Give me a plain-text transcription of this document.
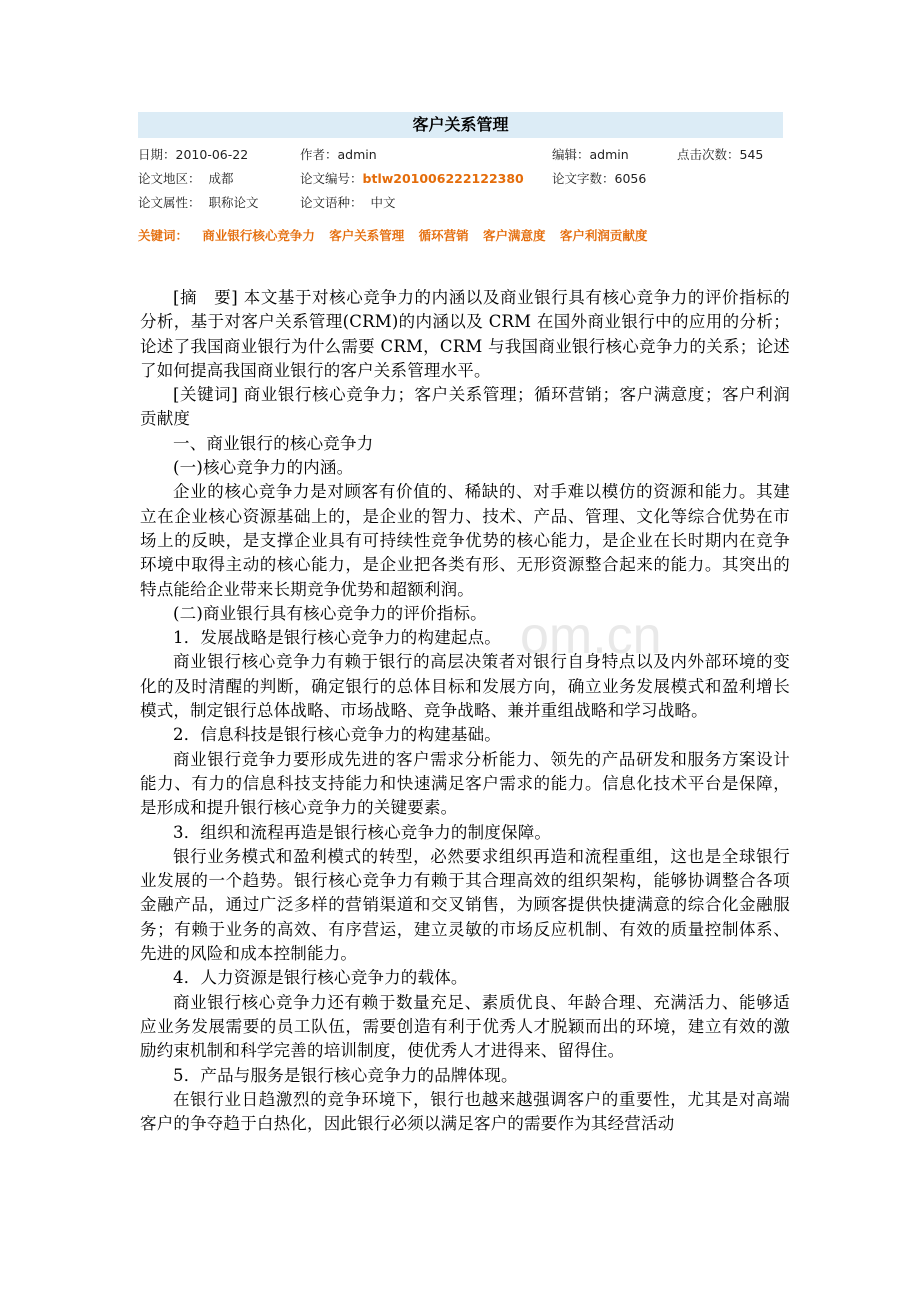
客户关系管理
日期：2010-06-22	作者：admin	编辑：admin	点击次数：545
论文地区： 成都	论文编号：btlw201006222122380 论文字数：6056
论文属性： 职称论文	论文语种： 中文
关键词： 商业银行核心竞争力 客户关系管理 循环营销 客户满意度 客户利润贡献度
om.cn

[摘　要] 本文基于对核心竞争力的内涵以及商业银行具有核心竞争力的评价指标的分析，基于对客户关系管理(CRM)的内涵以及 CRM 在国外商业银行中的应用的分析；论述了我国商业银行为什么需要 CRM，CRM 与我国商业银行核心竞争力的关系；论述了如何提高我国商业银行的客户关系管理水平。

[关键词] 商业银行核心竞争力；客户关系管理；循环营销；客户满意度；客户利润贡献度

一、商业银行的核心竞争力

(一)核心竞争力的内涵。

企业的核心竞争力是对顾客有价值的、稀缺的、对手难以模仿的资源和能力。其建立在企业核心资源基础上的，是企业的智力、技术、产品、管理、文化等综合优势在市场上的反映，是支撑企业具有可持续性竞争优势的核心能力，是企业在长时期内在竞争环境中取得主动的核心能力，是企业把各类有形、无形资源整合起来的能力。其突出的特点能给企业带来长期竞争优势和超额利润。

(二)商业银行具有核心竞争力的评价指标。

1．发展战略是银行核心竞争力的构建起点。

商业银行核心竞争力有赖于银行的高层决策者对银行自身特点以及内外部环境的变化的及时清醒的判断，确定银行的总体目标和发展方向，确立业务发展模式和盈利增长模式，制定银行总体战略、市场战略、竞争战略、兼并重组战略和学习战略。

2．信息科技是银行核心竞争力的构建基础。

商业银行竞争力要形成先进的客户需求分析能力、领先的产品研发和服务方案设计能力、有力的信息科技支持能力和快速满足客户需求的能力。信息化技术平台是保障，是形成和提升银行核心竞争力的关键要素。

3．组织和流程再造是银行核心竞争力的制度保障。

银行业务模式和盈利模式的转型，必然要求组织再造和流程重组，这也是全球银行业发展的一个趋势。银行核心竞争力有赖于其合理高效的组织架构，能够协调整合各项金融产品，通过广泛多样的营销渠道和交叉销售，为顾客提供快捷满意的综合化金融服务；有赖于业务的高效、有序营运，建立灵敏的市场反应机制、有效的质量控制体系、先进的风险和成本控制能力。

4．人力资源是银行核心竞争力的载体。

商业银行核心竞争力还有赖于数量充足、素质优良、年龄合理、充满活力、能够适应业务发展需要的员工队伍，需要创造有利于优秀人才脱颖而出的环境，建立有效的激励约束机制和科学完善的培训制度，使优秀人才进得来、留得住。

5．产品与服务是银行核心竞争力的品牌体现。

在银行业日趋激烈的竞争环境下，银行也越来越强调客户的重要性，尤其是对高端客户的争夺趋于白热化，因此银行必须以满足客户的需要作为其经营活动
